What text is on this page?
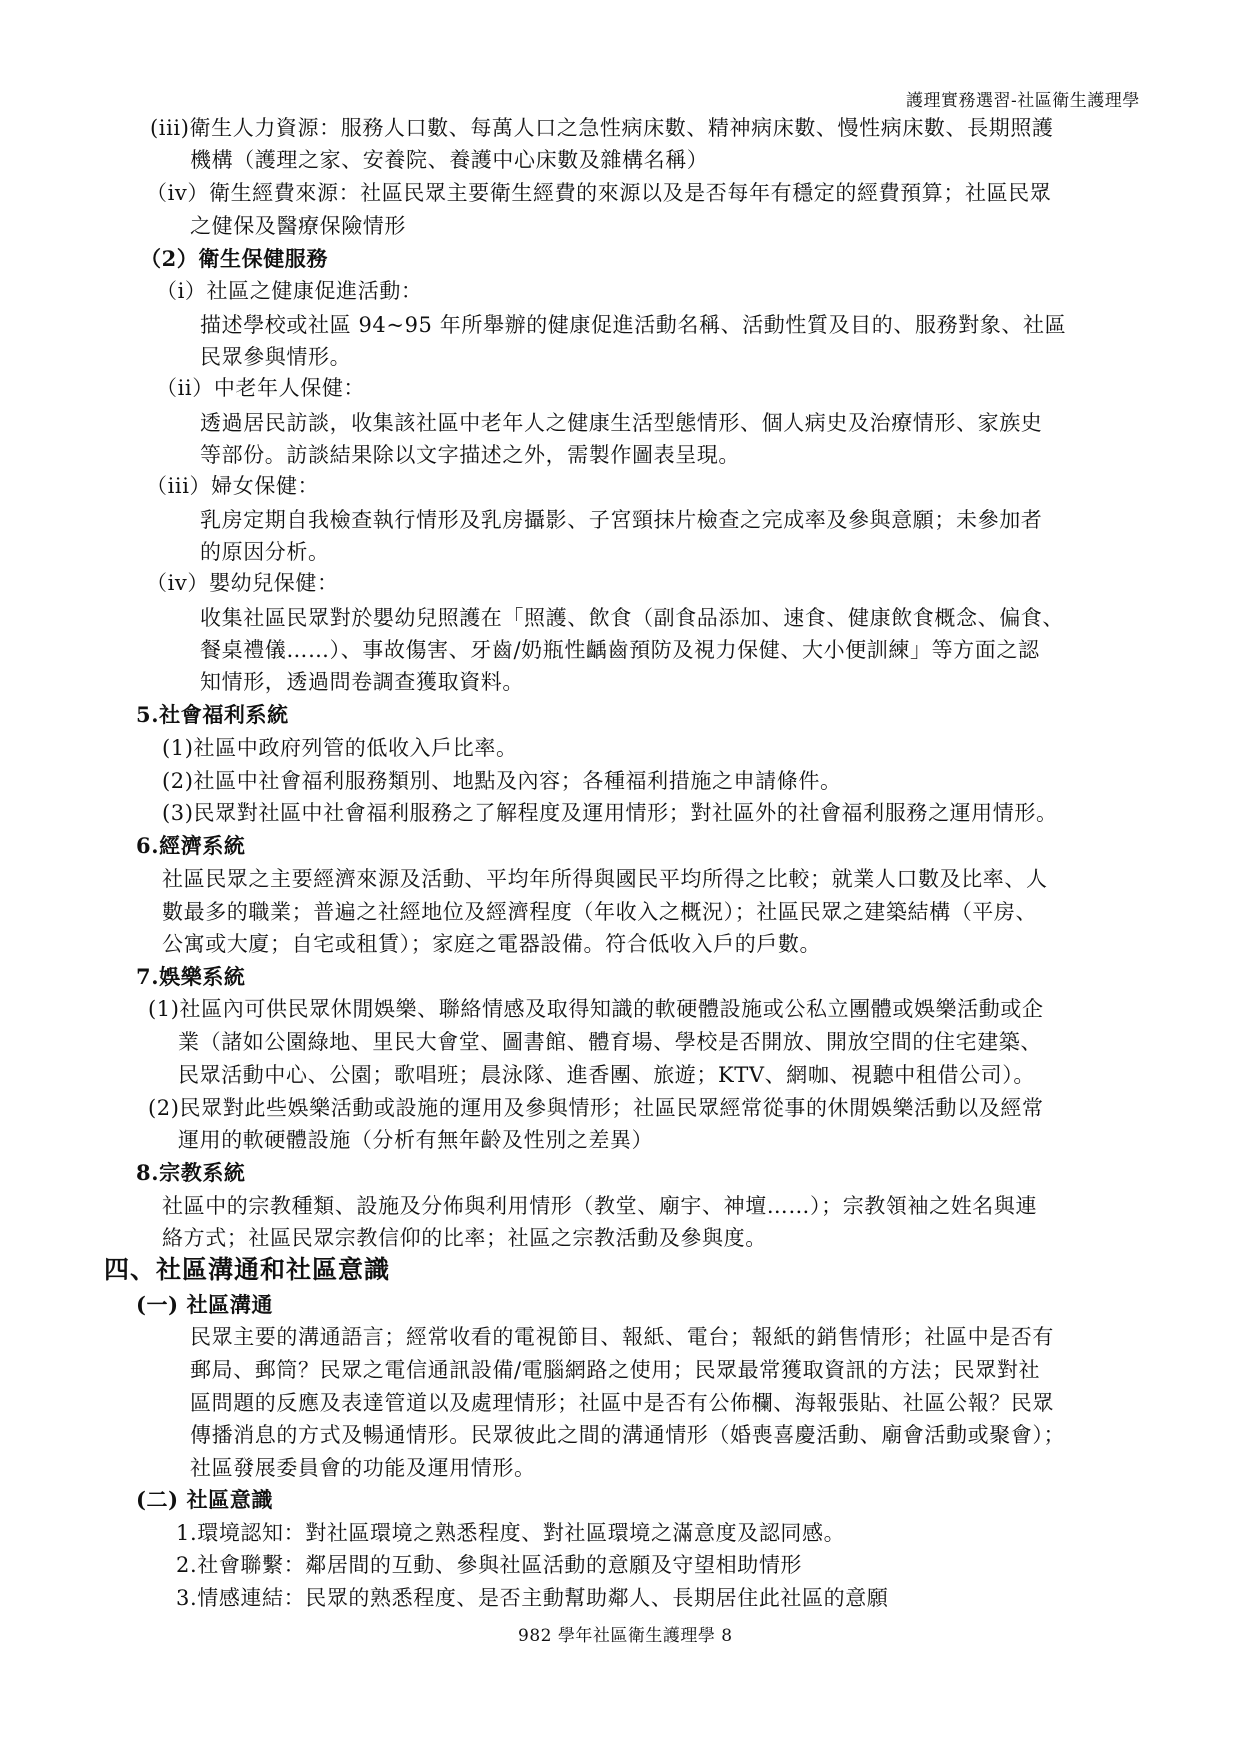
護理實務選習-社區衛生護理學
(iii)衛生人力資源：服務人口數、每萬人口之急性病床數、精神病床數、慢性病床數、長期照護
機構（護理之家、安養院、養護中心床數及雜構名稱）
（iv）衛生經費來源：社區民眾主要衛生經費的來源以及是否每年有穩定的經費預算；社區民眾
之健保及醫療保險情形
（2）衛生保健服務
（i）社區之健康促進活動：
描述學校或社區 94~95 年所舉辦的健康促進活動名稱、活動性質及目的、服務對象、社區
民眾參與情形。
（ii）中老年人保健：
透過居民訪談，收集該社區中老年人之健康生活型態情形、個人病史及治療情形、家族史
等部份。訪談結果除以文字描述之外，需製作圖表呈現。
（iii）婦女保健：
乳房定期自我檢查執行情形及乳房攝影、子宮頸抹片檢查之完成率及參與意願；未參加者
的原因分析。
（iv）嬰幼兒保健：
收集社區民眾對於嬰幼兒照護在「照護、飲食（副食品添加、速食、健康飲食概念、偏食、
餐桌禮儀……）、事故傷害、牙齒/奶瓶性齲齒預防及視力保健、大小便訓練」等方面之認
知情形，透過問卷調查獲取資料。
5.社會福利系統
(1)社區中政府列管的低收入戶比率。
(2)社區中社會福利服務類別、地點及內容；各種福利措施之申請條件。
(3)民眾對社區中社會福利服務之了解程度及運用情形；對社區外的社會福利服務之運用情形。
6.經濟系統
社區民眾之主要經濟來源及活動、平均年所得與國民平均所得之比較；就業人口數及比率、人
數最多的職業；普遍之社經地位及經濟程度（年收入之概況）；社區民眾之建築結構（平房、
公寓或大廈；自宅或租賃）；家庭之電器設備。符合低收入戶的戶數。
7.娛樂系統
(1)社區內可供民眾休閒娛樂、聯絡情感及取得知識的軟硬體設施或公私立團體或娛樂活動或企
業（諸如公園綠地、里民大會堂、圖書館、體育場、學校是否開放、開放空間的住宅建築、
民眾活動中心、公園；歌唱班；晨泳隊、進香團、旅遊；KTV、網咖、視聽中租借公司）。
(2)民眾對此些娛樂活動或設施的運用及參與情形；社區民眾經常從事的休閒娛樂活動以及經常
運用的軟硬體設施（分析有無年齡及性別之差異）
8.宗教系統
社區中的宗教種類、設施及分佈與利用情形（教堂、廟宇、神壇……）；宗教領袖之姓名與連
絡方式；社區民眾宗教信仰的比率；社區之宗教活動及參與度。
四、社區溝通和社區意識
(一) 社區溝通
民眾主要的溝通語言；經常收看的電視節目、報紙、電台；報紙的銷售情形；社區中是否有
郵局、郵筒？民眾之電信通訊設備/電腦網路之使用；民眾最常獲取資訊的方法；民眾對社
區問題的反應及表達管道以及處理情形；社區中是否有公佈欄、海報張貼、社區公報？民眾
傳播消息的方式及暢通情形。民眾彼此之間的溝通情形（婚喪喜慶活動、廟會活動或聚會）；
社區發展委員會的功能及運用情形。
(二) 社區意識
1.環境認知：對社區環境之熟悉程度、對社區環境之滿意度及認同感。
2.社會聯繫：鄰居間的互動、參與社區活動的意願及守望相助情形
3.情感連結：民眾的熟悉程度、是否主動幫助鄰人、長期居住此社區的意願
982 學年社區衛生護理學 8
